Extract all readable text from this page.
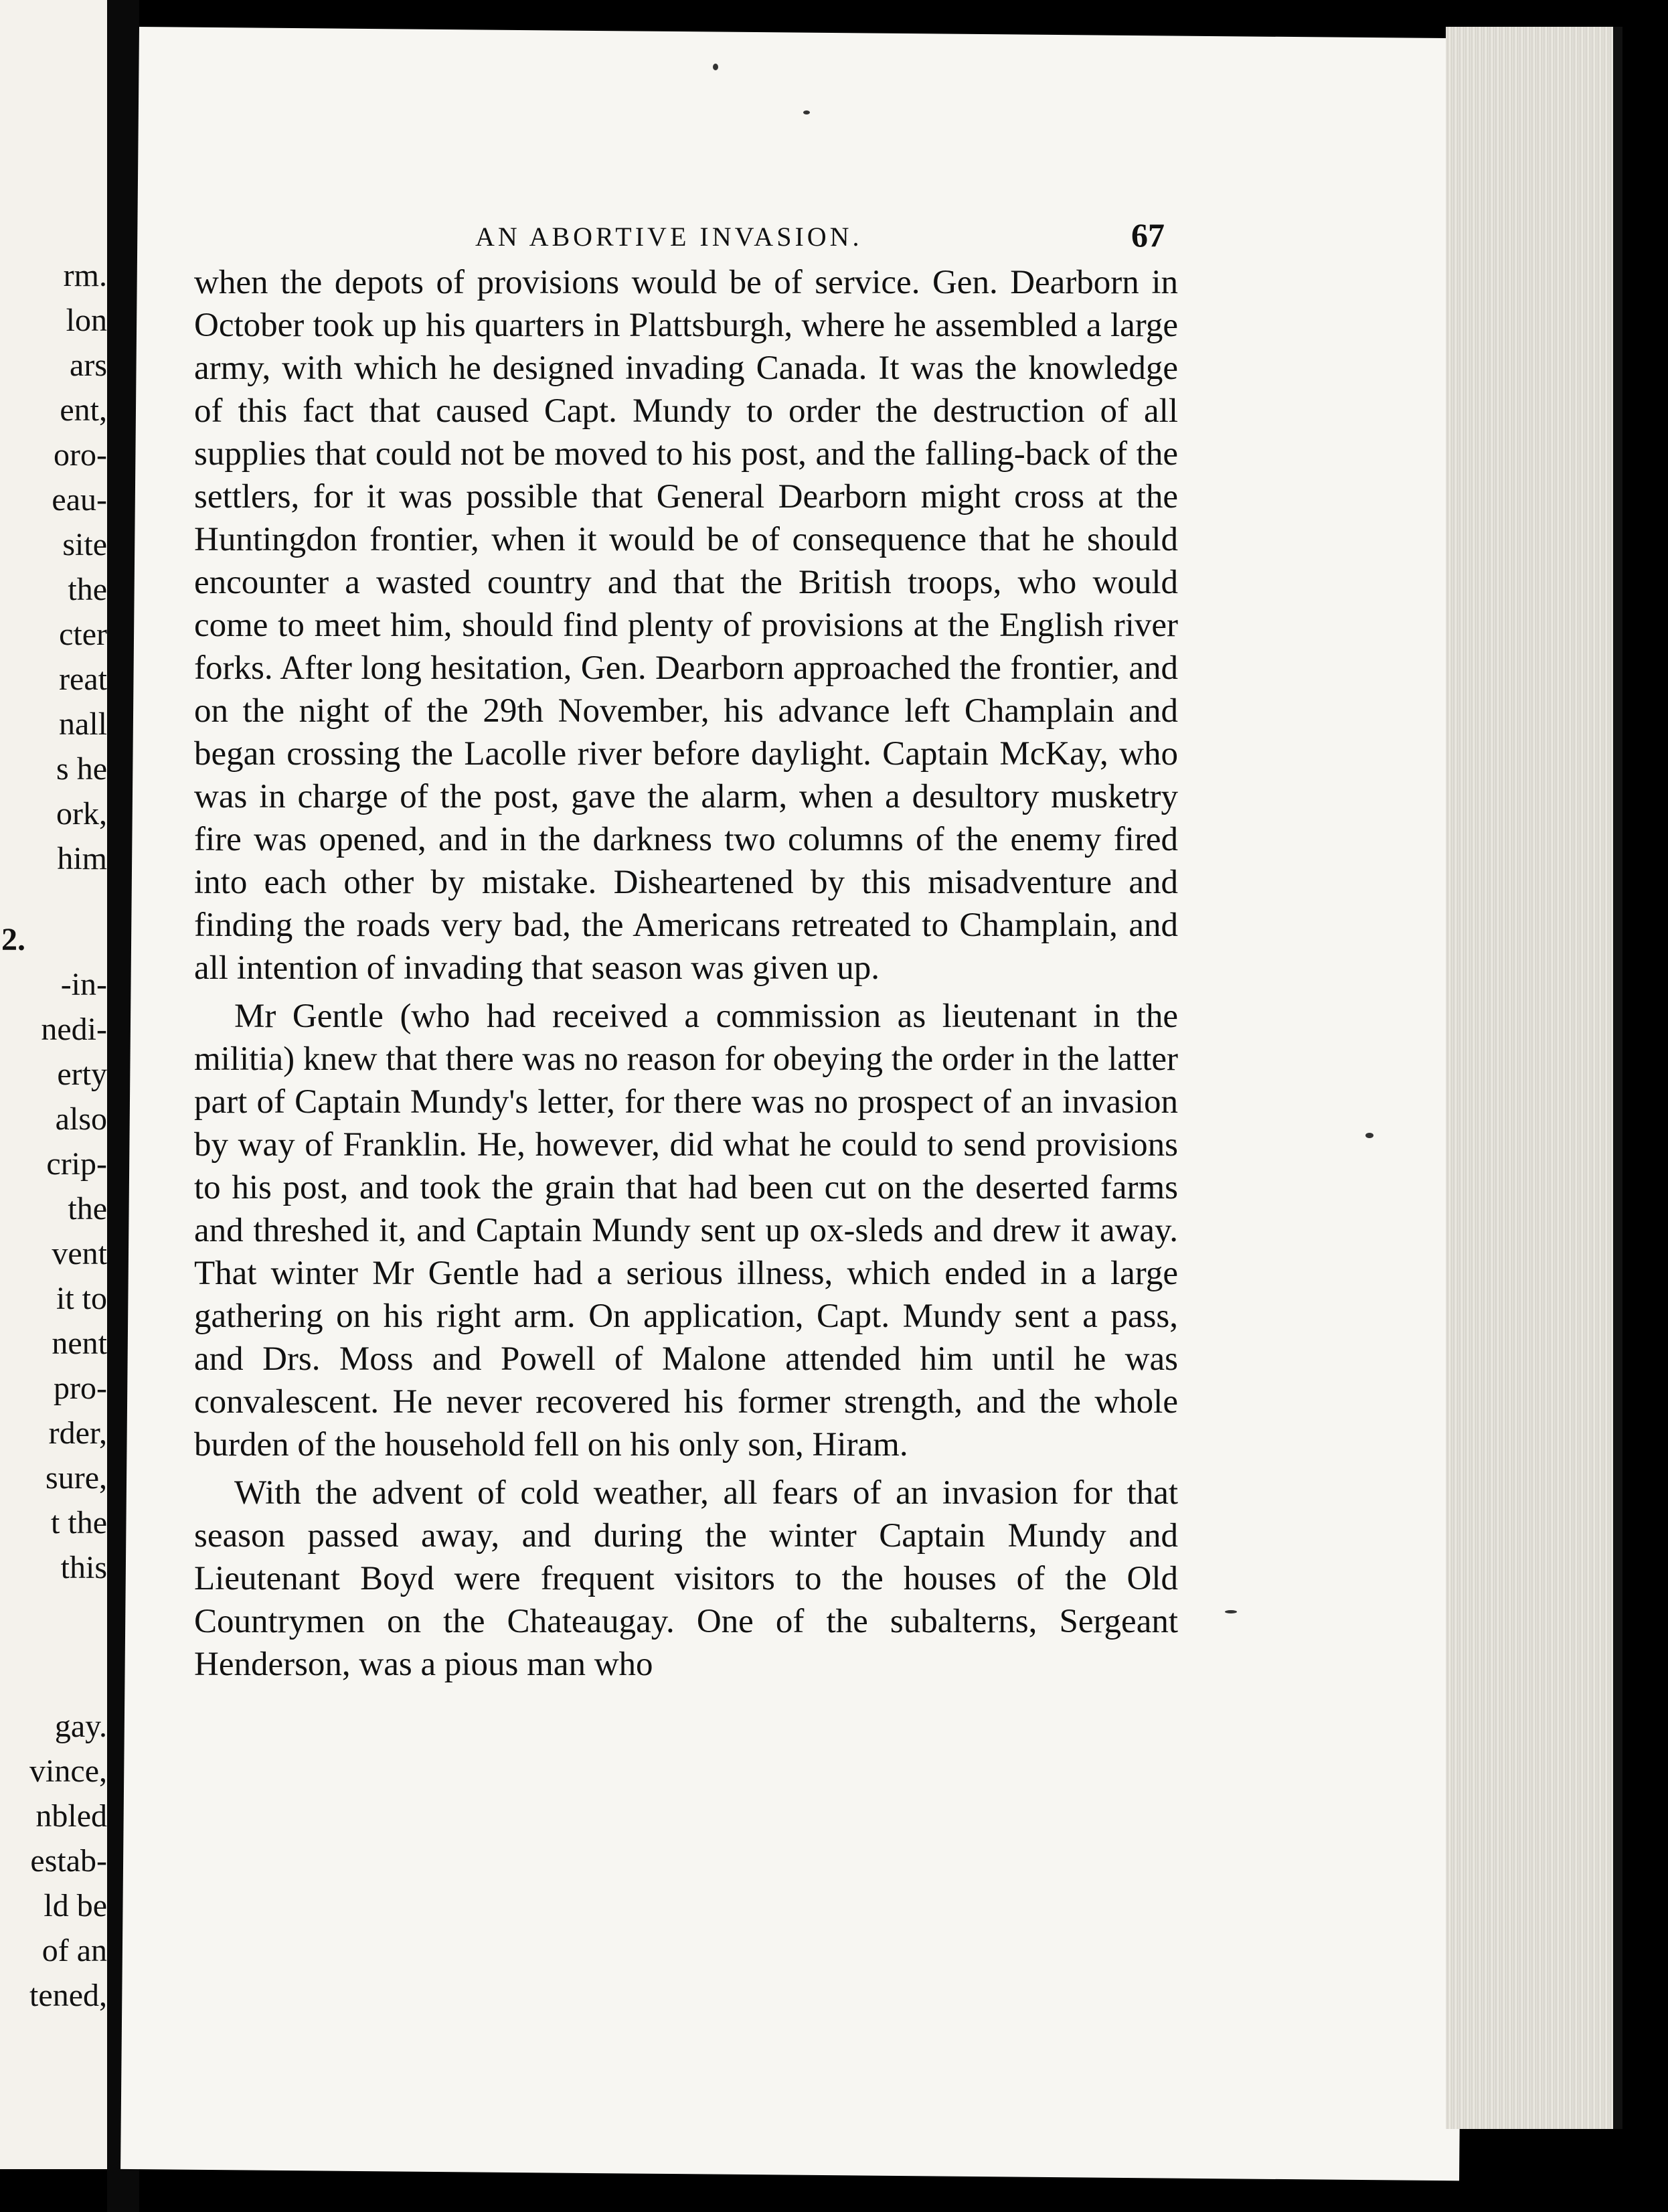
rm.
lon
ars
ent,
oro-
eau-
site
the
cter
reat
nall
s he
ork,
him
2.
-in-
nedi-
erty
also
crip-
the
vent
it to
nent
pro-
rder,
sure,
t the
this
gay.
vince,
nbled
estab-
ld be
of an
tened,
AN ABORTIVE INVASION.	67

when the depots of provisions would be of service. Gen. Dearborn in October took up his quarters in Plattsburgh, where he assembled a large army, with which he designed invading Canada. It was the knowledge of this fact that caused Capt. Mundy to order the destruction of all supplies that could not be moved to his post, and the falling-back of the settlers, for it was possible that General Dearborn might cross at the Huntingdon frontier, when it would be of consequence that he should encounter a wasted country and that the British troops, who would come to meet him, should find plenty of provisions at the English river forks. After long hesitation, Gen. Dearborn approached the frontier, and on the night of the 29th November, his advance left Champlain and began crossing the Lacolle river before daylight. Captain McKay, who was in charge of the post, gave the alarm, when a desultory musketry fire was opened, and in the darkness two columns of the enemy fired into each other by mistake. Disheartened by this misadventure and finding the roads very bad, the Americans retreated to Champlain, and all intention of invading that season was given up.

Mr Gentle (who had received a commission as lieutenant in the militia) knew that there was no reason for obeying the order in the latter part of Captain Mundy's letter, for there was no prospect of an invasion by way of Franklin. He, however, did what he could to send provisions to his post, and took the grain that had been cut on the deserted farms and threshed it, and Captain Mundy sent up ox-sleds and drew it away. That winter Mr Gentle had a serious illness, which ended in a large gathering on his right arm. On application, Capt. Mundy sent a pass, and Drs. Moss and Powell of Malone attended him until he was convalescent. He never recovered his former strength, and the whole burden of the household fell on his only son, Hiram.

With the advent of cold weather, all fears of an invasion for that season passed away, and during the winter Captain Mundy and Lieutenant Boyd were frequent visitors to the houses of the Old Countrymen on the Chateaugay. One of the subalterns, Sergeant Henderson, was a pious man who
